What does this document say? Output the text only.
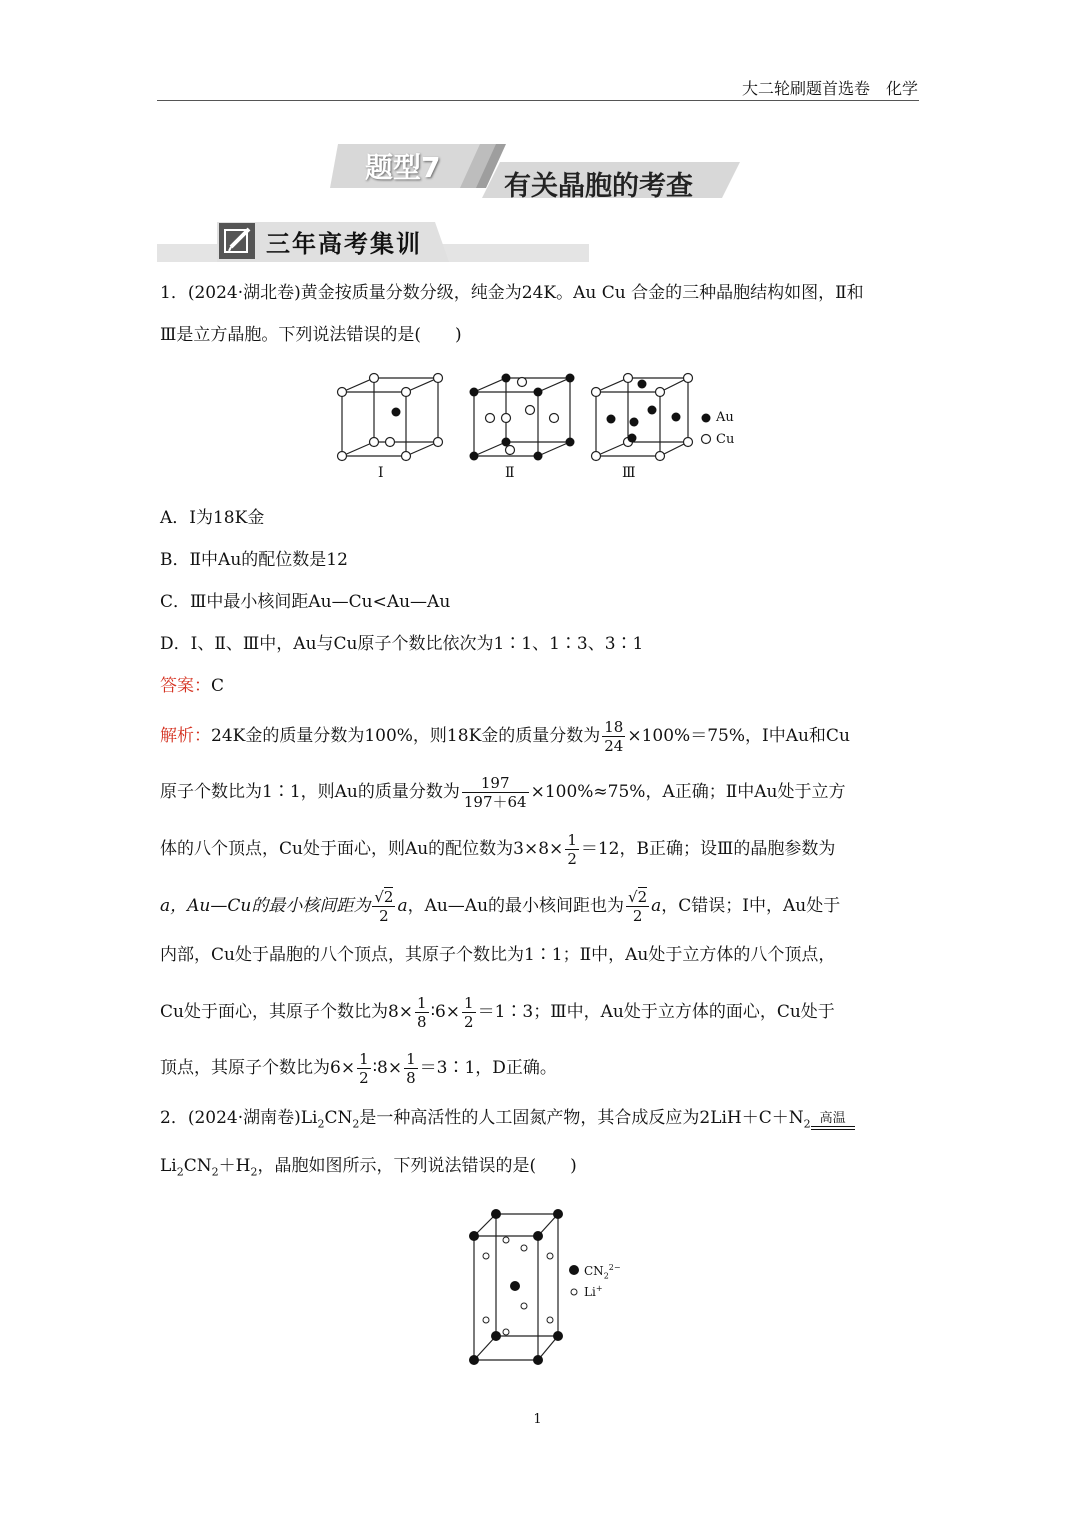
大二轮刷题首选卷　化学
题型7
有关晶胞的考查
三年高考集训
1．(2024·湖北卷)黄金按质量分数分级，纯金为24K。Au Cu 合金的三种晶胞结构如图，Ⅱ和
Ⅲ是立方晶胞。下列说法错误的是(　　)
Au
Cu
Ⅰ	Ⅱ	Ⅲ
A．Ⅰ为18K金
B．Ⅱ中Au的配位数是12
C．Ⅲ中最小核间距Au—Cu<Au—Au
D．Ⅰ、Ⅱ、Ⅲ中，Au与Cu原子个数比依次为1∶1、1∶3、3∶1
答案：C
解析：24K金的质量分数为100%，则18K金的质量分数为 $\frac{18}{24} \times 100\%=75\%$，Ⅰ中Au和Cu
原子个数比为1∶1，则Au的质量分数为 $\frac{197}{197+64} \times 100\%\approx 75\%$，A正确；Ⅱ中Au处于立方
体的八个顶点，Cu处于面心，则Au的配位数为$3\times 8\times \frac{1}{2} =12$，B正确；设Ⅲ的晶胞参数为
a，Au—Cu的最小核间距为 $\frac{√2}{2}$ a，Au—Au的最小核间距也为 $\frac{√2}{2}$ a，C错误；Ⅰ中，Au处于
内部，Cu处于晶胞的八个顶点，其原子个数比为1∶1；Ⅱ中，Au处于立方体的八个顶点，
Cu处于面心，其原子个数比为$8\times \frac{1}{8}$ ∶6× $\frac{1}{2}$ ＝1∶3；Ⅲ中，Au处于立方体的面心，Cu处于
顶点，其原子个数比为$6\times \frac{1}{2}$ ∶8× $\frac{1}{8}$ ＝3∶1，D正确。
2．(2024·湖南卷)$Li_2CN_2$是一种高活性的人工固氮产物，其合成反应为$2LiH+C+N_2$ 高温
$Li_2CN_2+H_2$，晶胞如图所示，下列说法错误的是(　　)
$CN_2^{2-}$
Li+
1
